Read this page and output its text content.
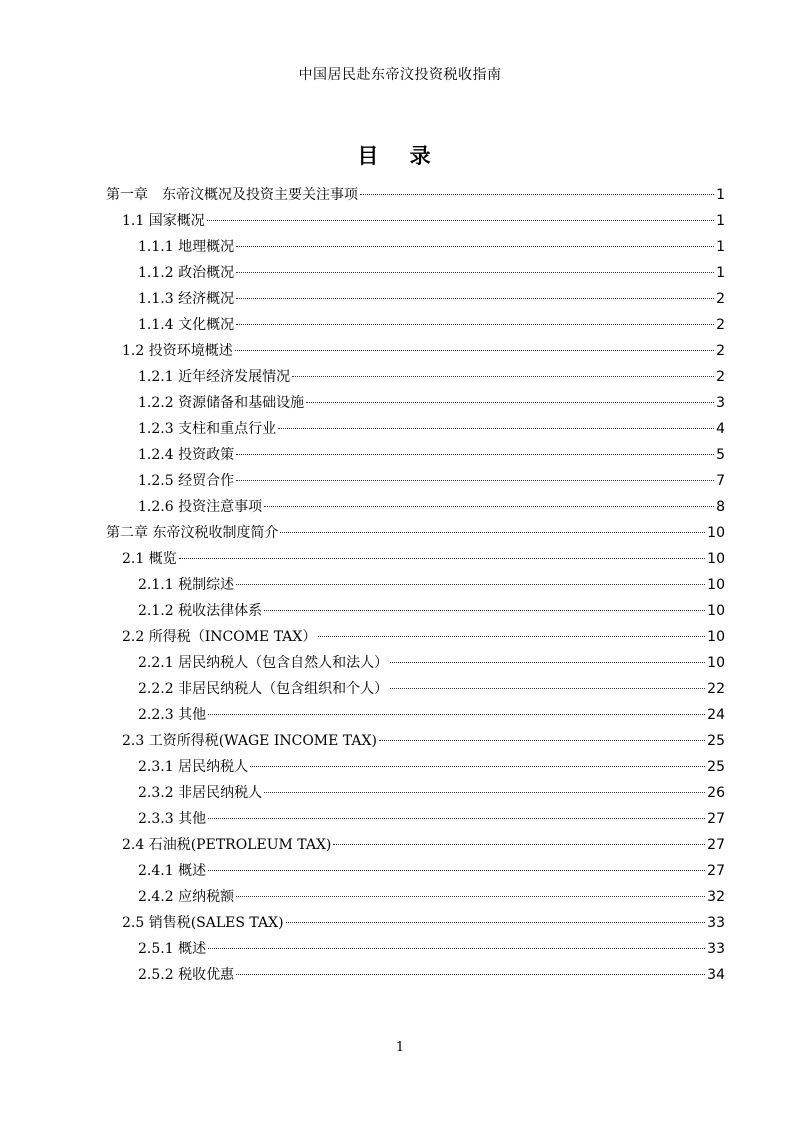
中国居民赴东帝汶投资税收指南
目 录
第一章　东帝汶概况及投资主要关注事项	1
1.1 国家概况	1
1.1.1 地理概况	1
1.1.2 政治概况	1
1.1.3 经济概况	2
1.1.4 文化概况	2
1.2 投资环境概述	2
1.2.1 近年经济发展情况	2
1.2.2 资源储备和基础设施	3
1.2.3 支柱和重点行业	4
1.2.4 投资政策	5
1.2.5 经贸合作	7
1.2.6 投资注意事项	8
第二章 东帝汶税收制度简介	10
2.1 概览	10
2.1.1 税制综述	10
2.1.2 税收法律体系	10
2.2 所得税（INCOME TAX）	10
2.2.1 居民纳税人（包含自然人和法人）	10
2.2.2 非居民纳税人（包含组织和个人）	22
2.2.3 其他	24
2.3 工资所得税(WAGE INCOME TAX)	25
2.3.1 居民纳税人	25
2.3.2 非居民纳税人	26
2.3.3 其他	27
2.4 石油税(PETROLEUM TAX)	27
2.4.1 概述	27
2.4.2 应纳税额	32
2.5 销售税(SALES TAX)	33
2.5.1 概述	33
2.5.2 税收优惠	34
1
